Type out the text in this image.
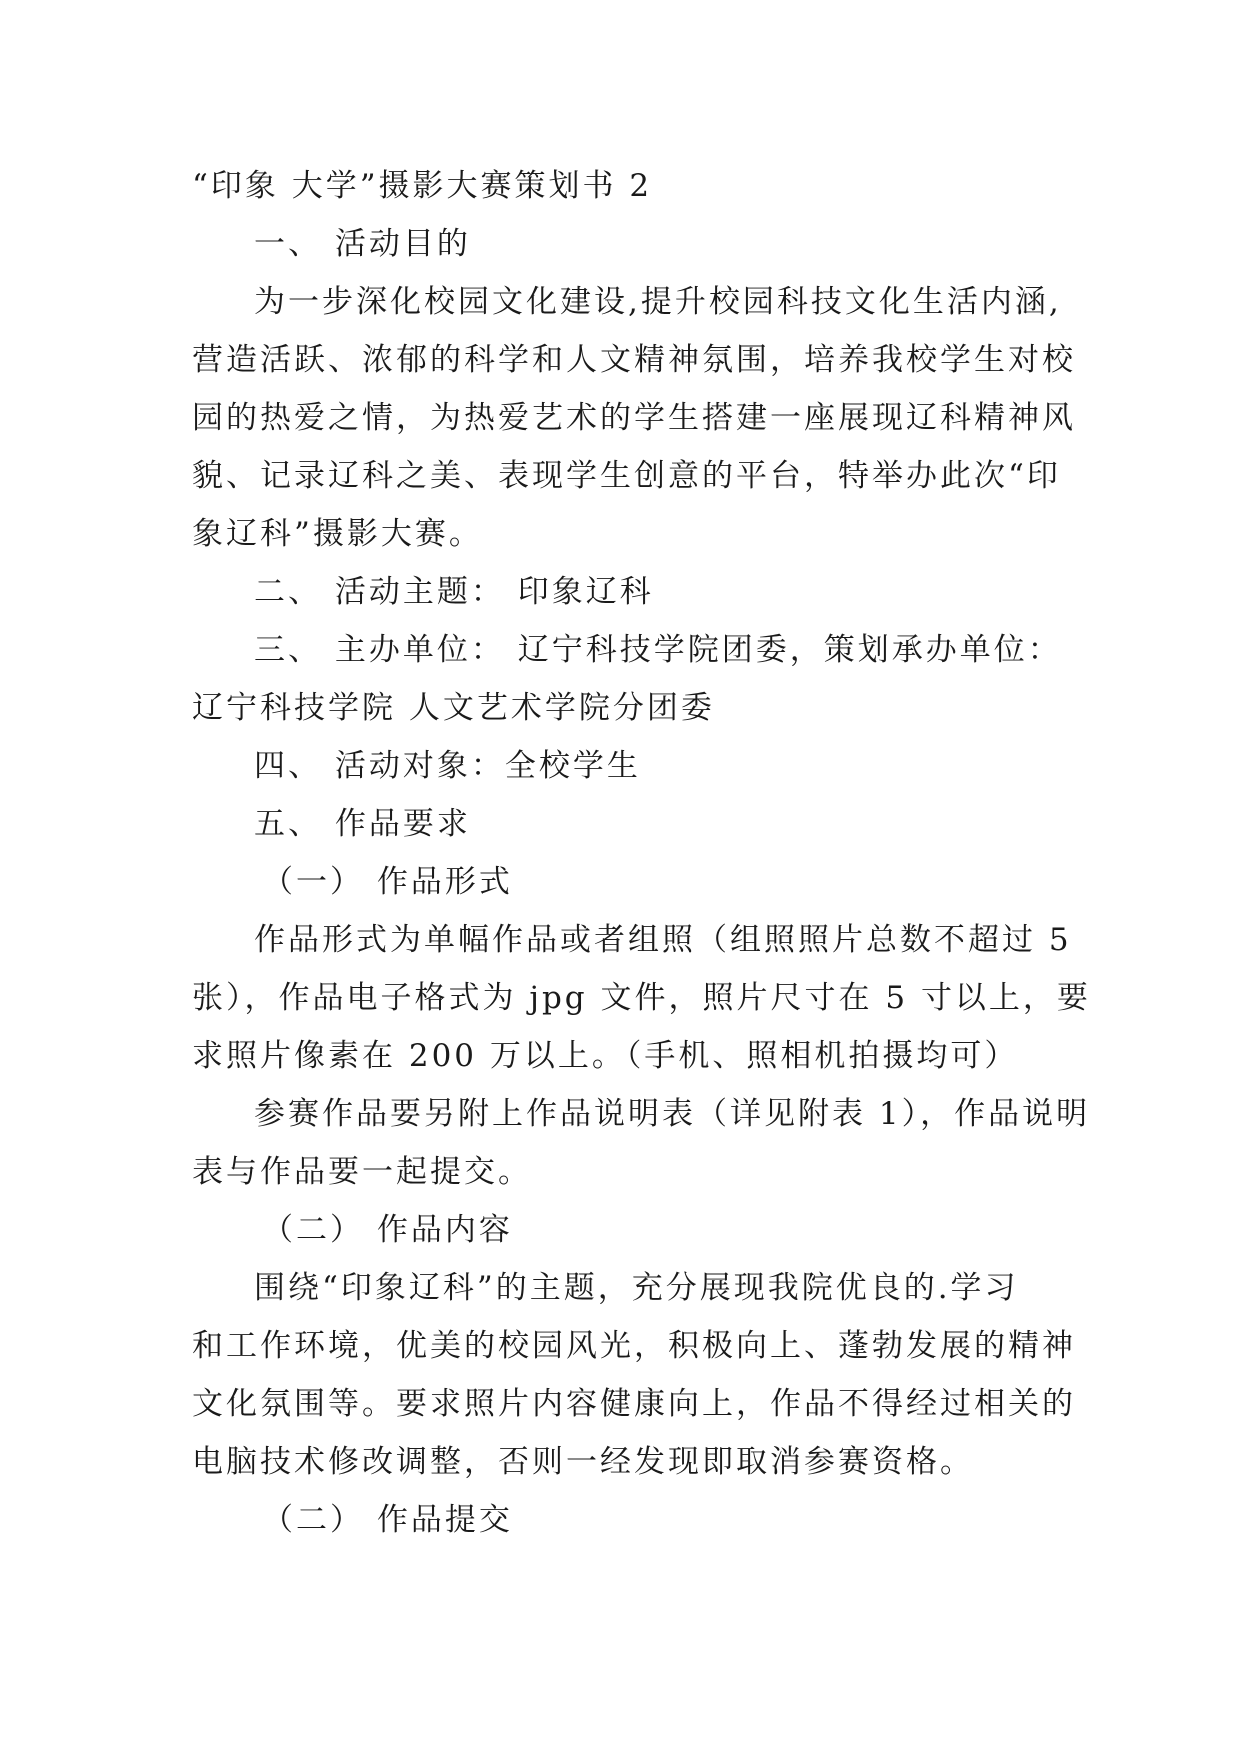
“印象 大学”摄影大赛策划书 2
一、 活动目的
为一步深化校园文化建设,提升校园科技文化生活内涵,
营造活跃、浓郁的科学和人文精神氛围，培养我校学生对校
园的热爱之情，为热爱艺术的学生搭建一座展现辽科精神风
貌、记录辽科之美、表现学生创意的平台，特举办此次“印
象辽科”摄影大赛。
二、 活动主题： 印象辽科
三、 主办单位： 辽宁科技学院团委，策划承办单位：
辽宁科技学院 人文艺术学院分团委
四、 活动对象：全校学生
五、 作品要求
（一） 作品形式
作品形式为单幅作品或者组照（组照照片总数不超过 5
张），作品电子格式为 jpg 文件，照片尺寸在 5 寸以上，要
求照片像素在 200 万以上。（手机、照相机拍摄均可）
参赛作品要另附上作品说明表（详见附表 1），作品说明
表与作品要一起提交。
（二） 作品内容
围绕“印象辽科”的主题，充分展现我院优良的.学习
和工作环境，优美的校园风光，积极向上、蓬勃发展的精神
文化氛围等。要求照片内容健康向上，作品不得经过相关的
电脑技术修改调整，否则一经发现即取消参赛资格。
（二） 作品提交
